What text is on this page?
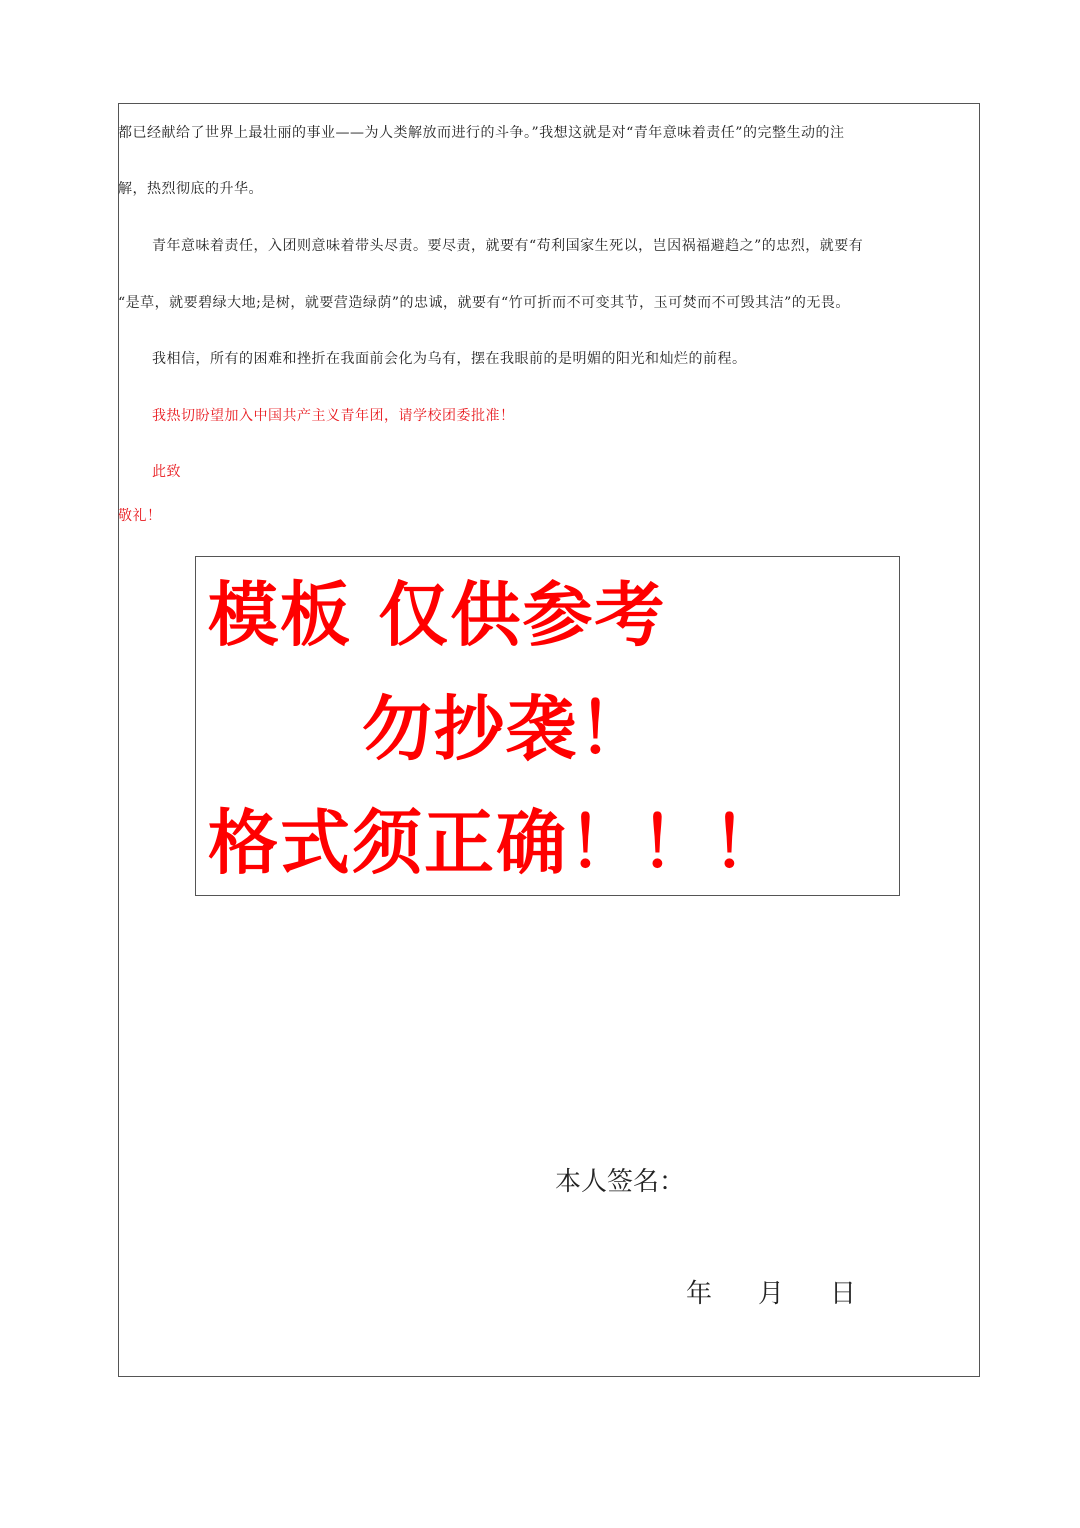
都已经献给了世界上最壮丽的事业——为人类解放而进行的斗争。”我想这就是对“青年意味着责任”的完整生动的注
解，热烈彻底的升华。
青年意味着责任，入团则意味着带头尽责。要尽责，就要有“苟利国家生死以，岂因祸福避趋之”的忠烈，就要有
“是草，就要碧绿大地;是树，就要营造绿荫”的忠诚，就要有“竹可折而不可变其节，玉可焚而不可毁其洁”的无畏。
我相信，所有的困难和挫折在我面前会化为乌有，摆在我眼前的是明媚的阳光和灿烂的前程。
我热切盼望加入中国共产主义青年团，请学校团委批准！
此致
敬礼！
模板 仅供参考
勿抄袭！
格式须正确！！！
本人签名：
年 月 日
